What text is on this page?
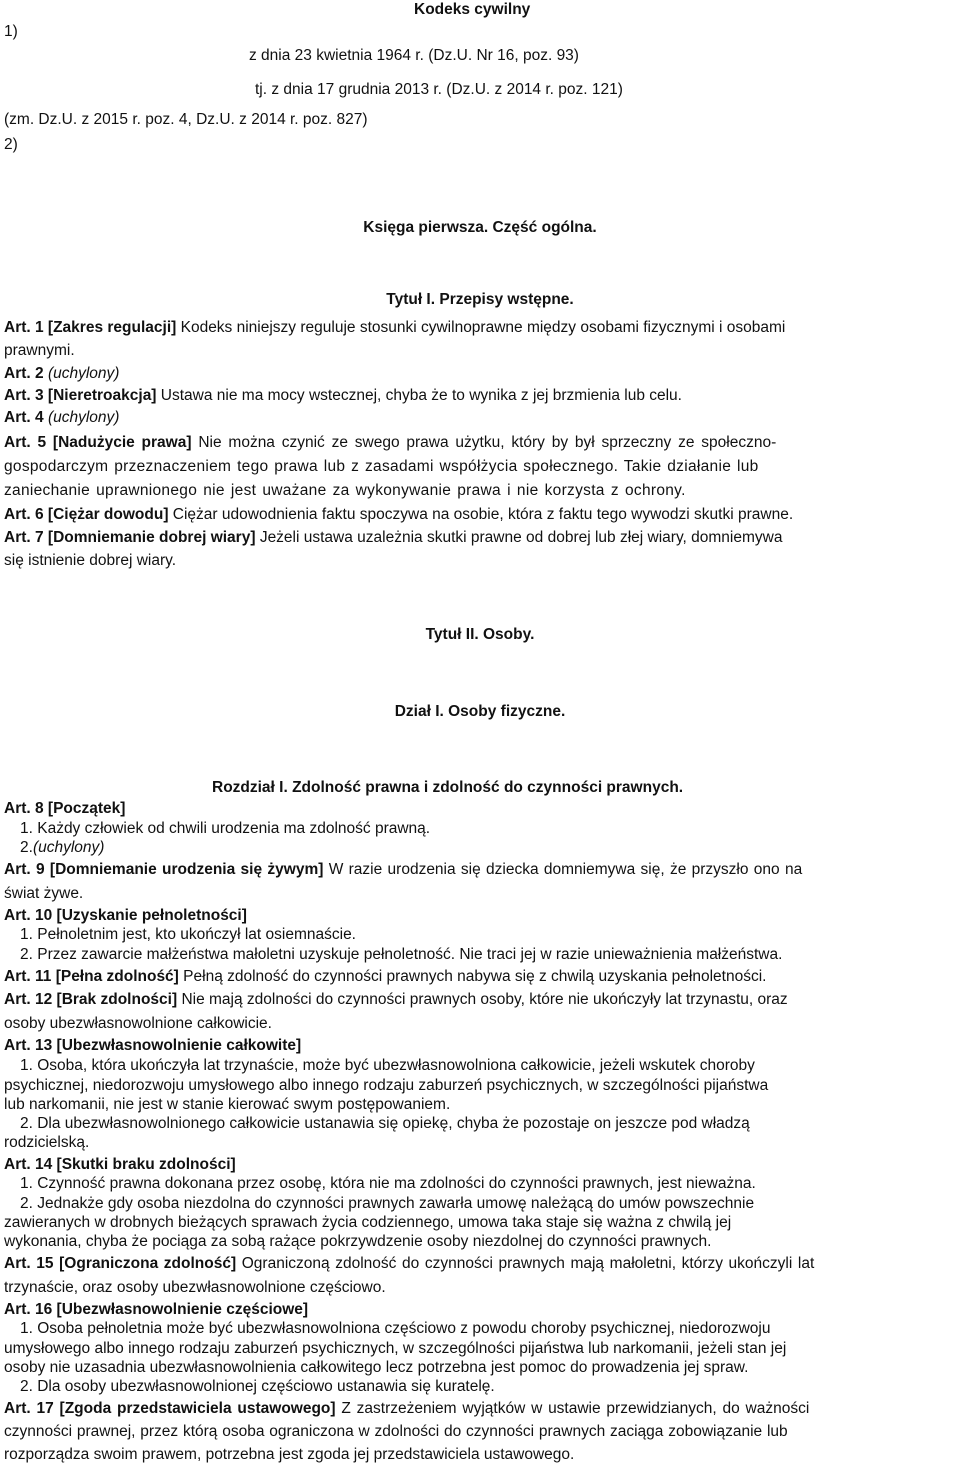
Kodeks cywilny
1)
z dnia 23 kwietnia 1964 r. (Dz.U. Nr 16, poz. 93)
tj. z dnia 17 grudnia 2013 r. (Dz.U. z 2014 r. poz. 121)
(zm. Dz.U. z 2015 r. poz. 4, Dz.U. z 2014 r. poz. 827)
2)
Księga pierwsza. Część ogólna.
Tytuł I. Przepisy wstępne.
Art. 1 [Zakres regulacji] Kodeks niniejszy reguluje stosunki cywilnoprawne między osobami fizycznymi i osobami
prawnymi.
Art. 2 (uchylony)
Art. 3 [Nieretroakcja] Ustawa nie ma mocy wstecznej, chyba że to wynika z jej brzmienia lub celu.
Art. 4 (uchylony)
Art. 5 [Nadużycie prawa] Nie można czynić ze swego prawa użytku, który by był sprzeczny ze społeczno-
gospodarczym przeznaczeniem tego prawa lub z zasadami współżycia społecznego. Takie działanie lub
zaniechanie uprawnionego nie jest uważane za wykonywanie prawa i nie korzysta z ochrony.
Art. 6 [Ciężar dowodu] Ciężar udowodnienia faktu spoczywa na osobie, która z faktu tego wywodzi skutki prawne.
Art. 7 [Domniemanie dobrej wiary] Jeżeli ustawa uzależnia skutki prawne od dobrej lub złej wiary, domniemywa
się istnienie dobrej wiary.
Tytuł II. Osoby.
Dział I. Osoby fizyczne.
Rozdział I. Zdolność prawna i zdolność do czynności prawnych.
Art. 8 [Początek]
1. Każdy człowiek od chwili urodzenia ma zdolność prawną.
2.(uchylony)
Art. 9 [Domniemanie urodzenia się żywym] W razie urodzenia się dziecka domniemywa się, że przyszło ono na
świat żywe.
Art. 10 [Uzyskanie pełnoletności]
1. Pełnoletnim jest, kto ukończył lat osiemnaście.
2. Przez zawarcie małżeństwa małoletni uzyskuje pełnoletność. Nie traci jej w razie unieważnienia małżeństwa.
Art. 11 [Pełna zdolność] Pełną zdolność do czynności prawnych nabywa się z chwilą uzyskania pełnoletności.
Art. 12 [Brak zdolności] Nie mają zdolności do czynności prawnych osoby, które nie ukończyły lat trzynastu, oraz
osoby ubezwłasnowolnione całkowicie.
Art. 13 [Ubezwłasnowolnienie całkowite]
1. Osoba, która ukończyła lat trzynaście, może być ubezwłasnowolniona całkowicie, jeżeli wskutek choroby
psychicznej, niedorozwoju umysłowego albo innego rodzaju zaburzeń psychicznych, w szczególności pijaństwa
lub narkomanii, nie jest w stanie kierować swym postępowaniem.
2. Dla ubezwłasnowolnionego całkowicie ustanawia się opiekę, chyba że pozostaje on jeszcze pod władzą
rodzicielską.
Art. 14 [Skutki braku zdolności]
1. Czynność prawna dokonana przez osobę, która nie ma zdolności do czynności prawnych, jest nieważna.
2. Jednakże gdy osoba niezdolna do czynności prawnych zawarła umowę należącą do umów powszechnie
zawieranych w drobnych bieżących sprawach życia codziennego, umowa taka staje się ważna z chwilą jej
wykonania, chyba że pociąga za sobą rażące pokrzywdzenie osoby niezdolnej do czynności prawnych.
Art. 15 [Ograniczona zdolność] Ograniczoną zdolność do czynności prawnych mają małoletni, którzy ukończyli lat
trzynaście, oraz osoby ubezwłasnowolnione częściowo.
Art. 16 [Ubezwłasnowolnienie częściowe]
1. Osoba pełnoletnia może być ubezwłasnowolniona częściowo z powodu choroby psychicznej, niedorozwoju
umysłowego albo innego rodzaju zaburzeń psychicznych, w szczególności pijaństwa lub narkomanii, jeżeli stan jej
osoby nie uzasadnia ubezwłasnowolnienia całkowitego lecz potrzebna jest pomoc do prowadzenia jej spraw.
2. Dla osoby ubezwłasnowolnionej częściowo ustanawia się kuratelę.
Art. 17 [Zgoda przedstawiciela ustawowego] Z zastrzeżeniem wyjątków w ustawie przewidzianych, do ważności
czynności prawnej, przez którą osoba ograniczona w zdolności do czynności prawnych zaciąga zobowiązanie lub
rozporządza swoim prawem, potrzebna jest zgoda jej przedstawiciela ustawowego.
